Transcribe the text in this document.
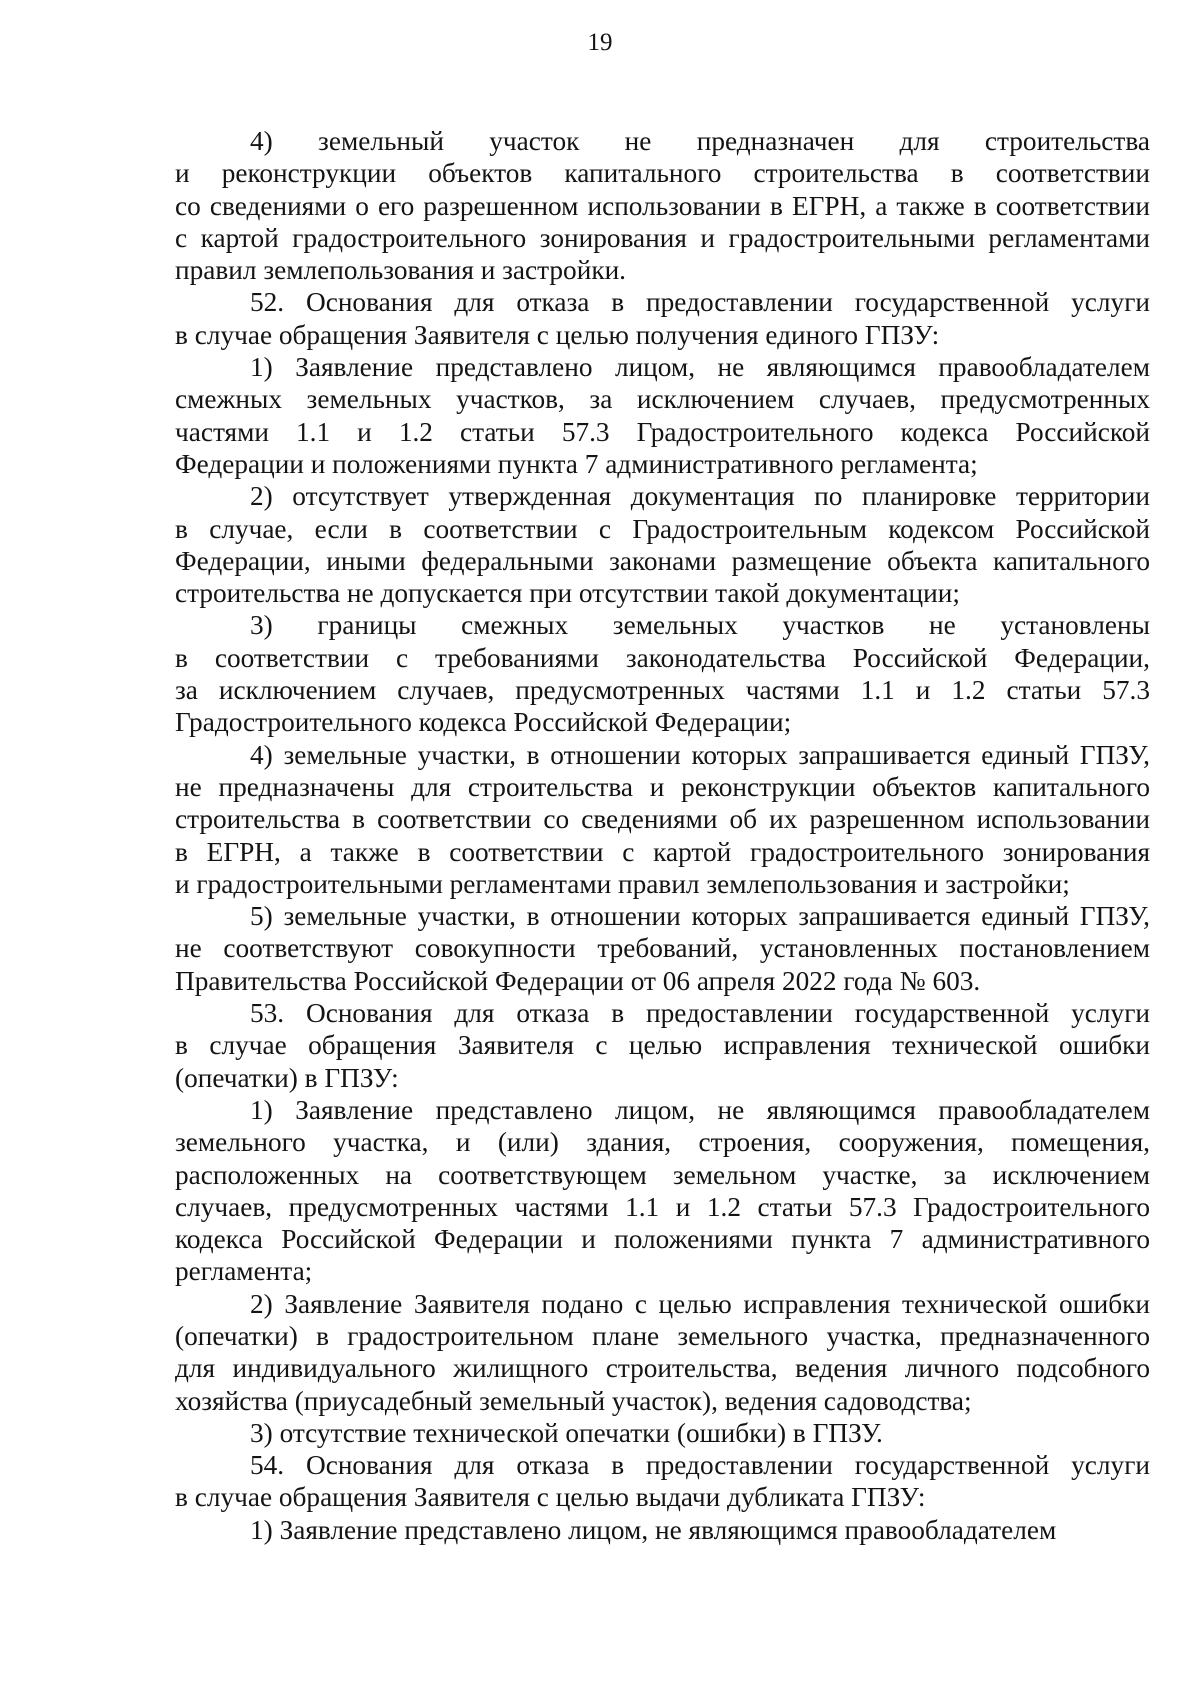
19
4) земельный участок не предназначен для строительства
и реконструкции объектов капитального строительства в соответствии
со сведениями о его разрешенном использовании в ЕГРН, а также в соответствии
с картой градостроительного зонирования и градостроительными регламентами
правил землепользования и застройки.
52. Основания для отказа в предоставлении государственной услуги
в случае обращения Заявителя с целью получения единого ГПЗУ:
1) Заявление представлено лицом, не являющимся правообладателем
смежных земельных участков, за исключением случаев, предусмотренных
частями 1.1 и 1.2 статьи 57.3 Градостроительного кодекса Российской
Федерации и положениями пункта 7 административного регламента;
2) отсутствует утвержденная документация по планировке территории
в случае, если в соответствии с Градостроительным кодексом Российской
Федерации, иными федеральными законами размещение объекта капитального
строительства не допускается при отсутствии такой документации;
3) границы смежных земельных участков не установлены
в соответствии с требованиями законодательства Российской Федерации,
за исключением случаев, предусмотренных частями 1.1 и 1.2 статьи 57.3
Градостроительного кодекса Российской Федерации;
4) земельные участки, в отношении которых запрашивается единый ГПЗУ,
не предназначены для строительства и реконструкции объектов капитального
строительства в соответствии со сведениями об их разрешенном использовании
в ЕГРН, а также в соответствии с картой градостроительного зонирования
и градостроительными регламентами правил землепользования и застройки;
5) земельные участки, в отношении которых запрашивается единый ГПЗУ,
не соответствуют совокупности требований, установленных постановлением
Правительства Российской Федерации от 06 апреля 2022 года № 603.
53. Основания для отказа в предоставлении государственной услуги
в случае обращения Заявителя с целью исправления технической ошибки
(опечатки) в ГПЗУ:
1) Заявление представлено лицом, не являющимся правообладателем
земельного участка, и (или) здания, строения, сооружения, помещения,
расположенных на соответствующем земельном участке, за исключением
случаев, предусмотренных частями 1.1 и 1.2 статьи 57.3 Градостроительного
кодекса Российской Федерации и положениями пункта 7 административного
регламента;
2) Заявление Заявителя подано с целью исправления технической ошибки
(опечатки) в градостроительном плане земельного участка, предназначенного
для индивидуального жилищного строительства, ведения личного подсобного
хозяйства (приусадебный земельный участок), ведения садоводства;
3) отсутствие технической опечатки (ошибки) в ГПЗУ.
54. Основания для отказа в предоставлении государственной услуги
в случае обращения Заявителя с целью выдачи дубликата ГПЗУ:
1) Заявление представлено лицом, не являющимся правообладателем
